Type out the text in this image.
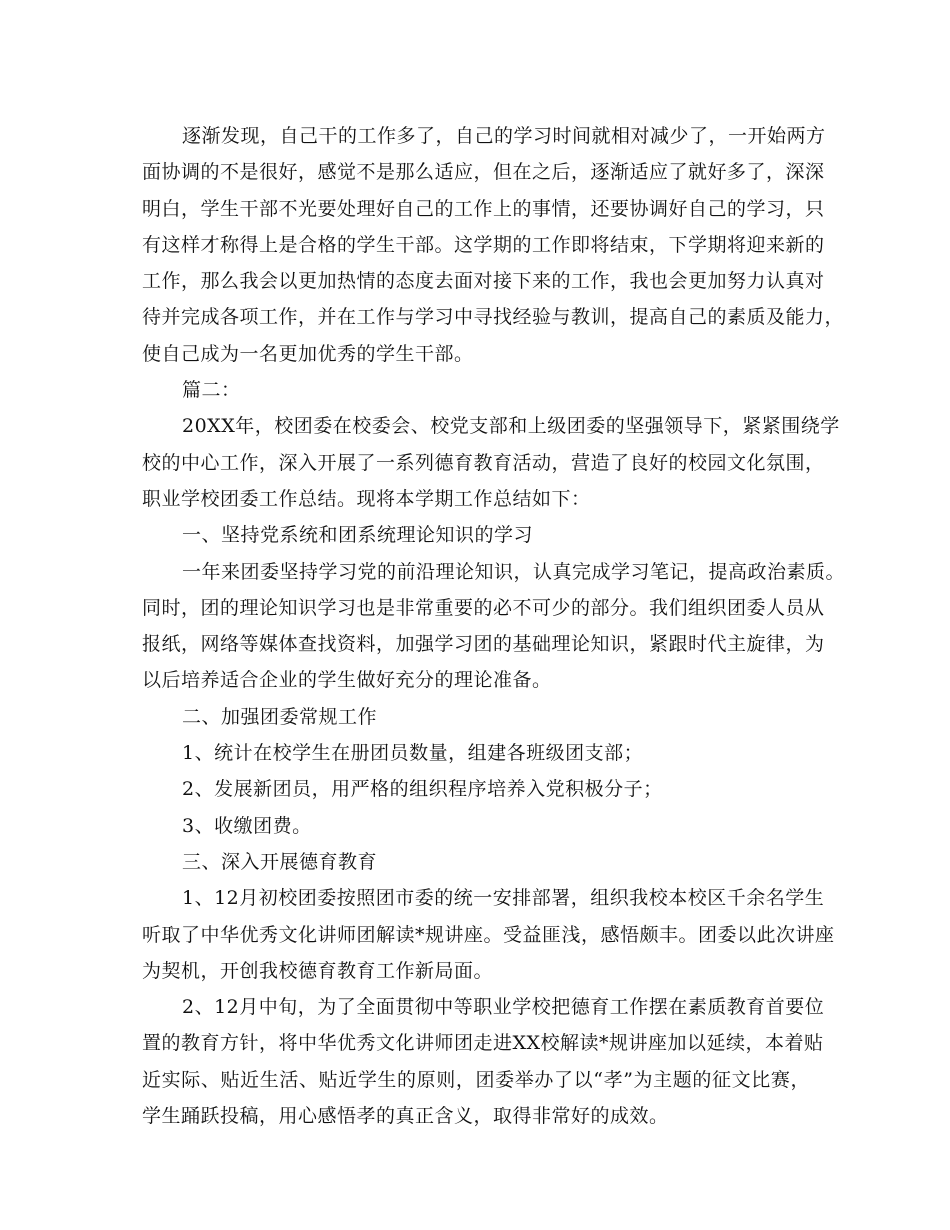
逐渐发现，自己干的工作多了，自己的学习时间就相对减少了，一开始两方
面协调的不是很好，感觉不是那么适应，但在之后，逐渐适应了就好多了，深深
明白，学生干部不光要处理好自己的工作上的事情，还要协调好自己的学习，只
有这样才称得上是合格的学生干部。这学期的工作即将结束，下学期将迎来新的
工作，那么我会以更加热情的态度去面对接下来的工作，我也会更加努力认真对
待并完成各项工作，并在工作与学习中寻找经验与教训，提高自己的素质及能力，
使自己成为一名更加优秀的学生干部。
篇二：
20XX年，校团委在校委会、校党支部和上级团委的坚强领导下，紧紧围绕学
校的中心工作，深入开展了一系列德育教育活动，营造了良好的校园文化氛围，
职业学校团委工作总结。现将本学期工作总结如下：
一、坚持党系统和团系统理论知识的学习
一年来团委坚持学习党的前沿理论知识，认真完成学习笔记，提高政治素质。
同时，团的理论知识学习也是非常重要的必不可少的部分。我们组织团委人员从
报纸，网络等媒体查找资料，加强学习团的基础理论知识，紧跟时代主旋律，为
以后培养适合企业的学生做好充分的理论准备。
二、加强团委常规工作
1、统计在校学生在册团员数量，组建各班级团支部；
2、发展新团员，用严格的组织程序培养入党积极分子；
3、收缴团费。
三、深入开展德育教育
1、12月初校团委按照团市委的统一安排部署，组织我校本校区千余名学生
听取了中华优秀文化讲师团解读*规讲座。受益匪浅，感悟颇丰。团委以此次讲座
为契机，开创我校德育教育工作新局面。
2、12月中旬，为了全面贯彻中等职业学校把德育工作摆在素质教育首要位
置的教育方针，将中华优秀文化讲师团走进XX校解读*规讲座加以延续，本着贴
近实际、贴近生活、贴近学生的原则，团委举办了以“孝”为主题的征文比赛，
学生踊跃投稿，用心感悟孝的真正含义，取得非常好的成效。
